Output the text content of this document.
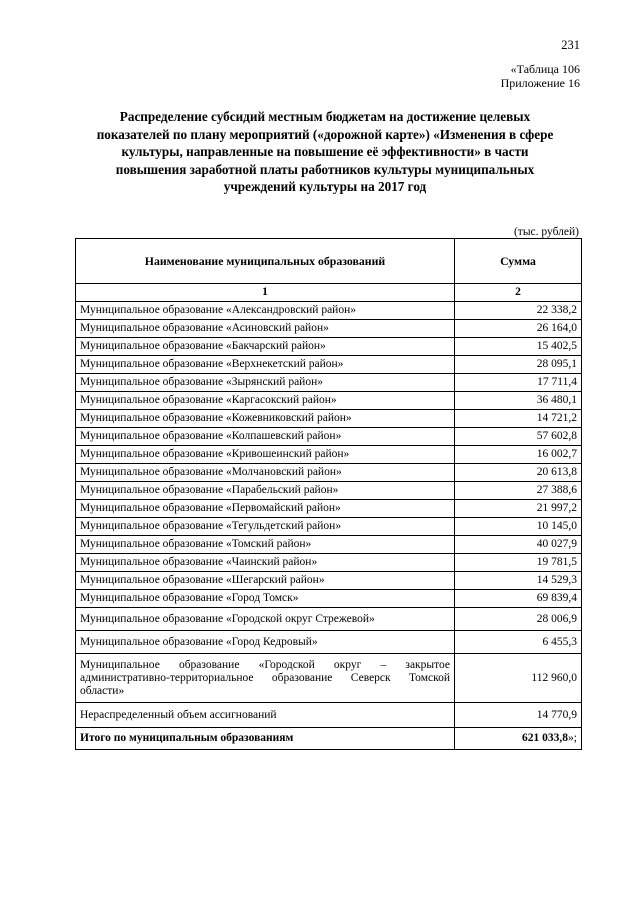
231
«Таблица 106
Приложение 16
Распределение субсидий местным бюджетам на достижение целевых показателей по плану мероприятий («дорожной карте») «Изменения в сфере культуры, направленные на повышение её эффективности» в части повышения заработной платы работников культуры муниципальных учреждений культуры на 2017 год
(тыс. рублей)
Наименование муниципальных образований	Сумма
1	2
Муниципальное образование «Александровский район»	22 338,2
Муниципальное образование «Асиновский район»	26 164,0
Муниципальное образование «Бакчарский район»	15 402,5
Муниципальное образование «Верхнекетский район»	28 095,1
Муниципальное образование «Зырянский район»	17 711,4
Муниципальное образование «Каргасокский район»	36 480,1
Муниципальное образование «Кожевниковский район»	14 721,2
Муниципальное образование «Колпашевский район»	57 602,8
Муниципальное образование «Кривошеинский район»	16 002,7
Муниципальное образование «Молчановский район»	20 613,8
Муниципальное образование «Парабельский район»	27 388,6
Муниципальное образование «Первомайский район»	21 997,2
Муниципальное образование «Тегульдетский район»	10 145,0
Муниципальное образование «Томский район»	40 027,9
Муниципальное образование «Чаинский район»	19 781,5
Муниципальное образование «Шегарский район»	14 529,3
Муниципальное образование «Город Томск»	69 839,4
Муниципальное образование «Городской округ Стрежевой»	28 006,9
Муниципальное образование «Город Кедровый»	6 455,3
Муниципальное образование «Городской округ – закрытое административно-территориальное образование Северск Томской области»	112 960,0
Нераспределенный объем ассигнований	14 770,9
Итого по муниципальным образованиям	621 033,8»;
